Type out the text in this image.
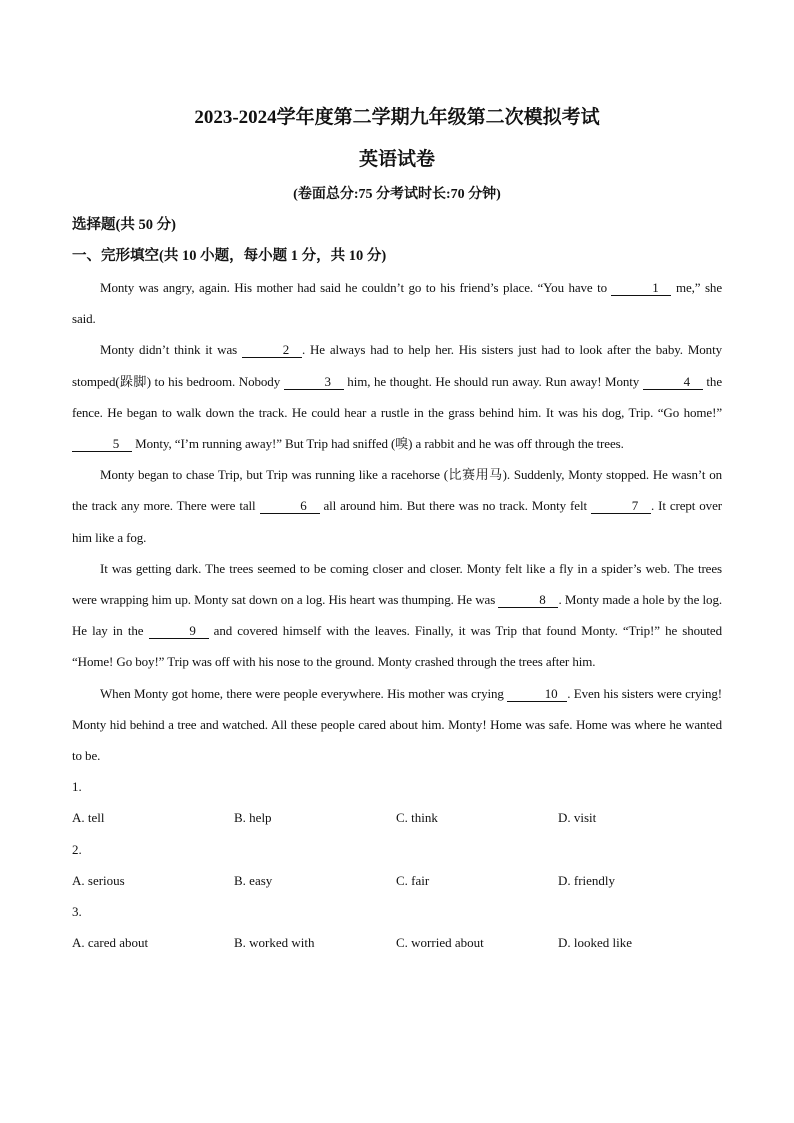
2023-2024学年度第二学期九年级第二次模拟考试
英语试卷

(卷面总分:75 分考试时长:70 分钟)

选择题(共 50 分)

一、完形填空(共 10 小题，每小题 1 分，共 10 分)

Monty was angry, again. His mother had said he couldn’t go to his friend’s place. “You have to	1 me,” she said.

Monty didn’t think it was	2 . He always had to help her. His sisters just had to look after the baby. Monty stomped(跺脚) to his bedroom. Nobody	3 him, he thought. He should run away. Run away! Monty	4 the fence. He began to walk down the track. He could hear a rustle in the grass behind him. It was his dog, Trip. “Go home!” 5 Monty, “I’m running away!” But Trip had sniffed (嗅) a rabbit and he was off through the trees.

Monty began to chase Trip, but Trip was running like a racehorse (比赛用马). Suddenly, Monty stopped. He wasn’t on the track any more. There were tall	6 all around him. But there was no track. Monty felt	7 . It crept over him like a fog.

It was getting dark. The trees seemed to be coming closer and closer. Monty felt like a fly in a spider’s web. The trees were wrapping him up. Monty sat down on a log. His heart was thumping. He was	8 . Monty made a hole by the log. He lay in the	9 and covered himself with the leaves. Finally, it was Trip that found Monty. “Trip!” he shouted “Home! Go boy!” Trip was off with his nose to the ground. Monty crashed through the trees after him.

When Monty got home, there were people everywhere. His mother was crying	10 . Even his sisters were crying! Monty hid behind a tree and watched. All these people cared about him. Monty! Home was safe. Home was where he wanted to be.

1.

A. tell	B. help	C. think	D. visit

2.

A. serious	B. easy	C. fair	D. friendly

3.

A. cared about	B. worked with	C. worried about	D. looked like
